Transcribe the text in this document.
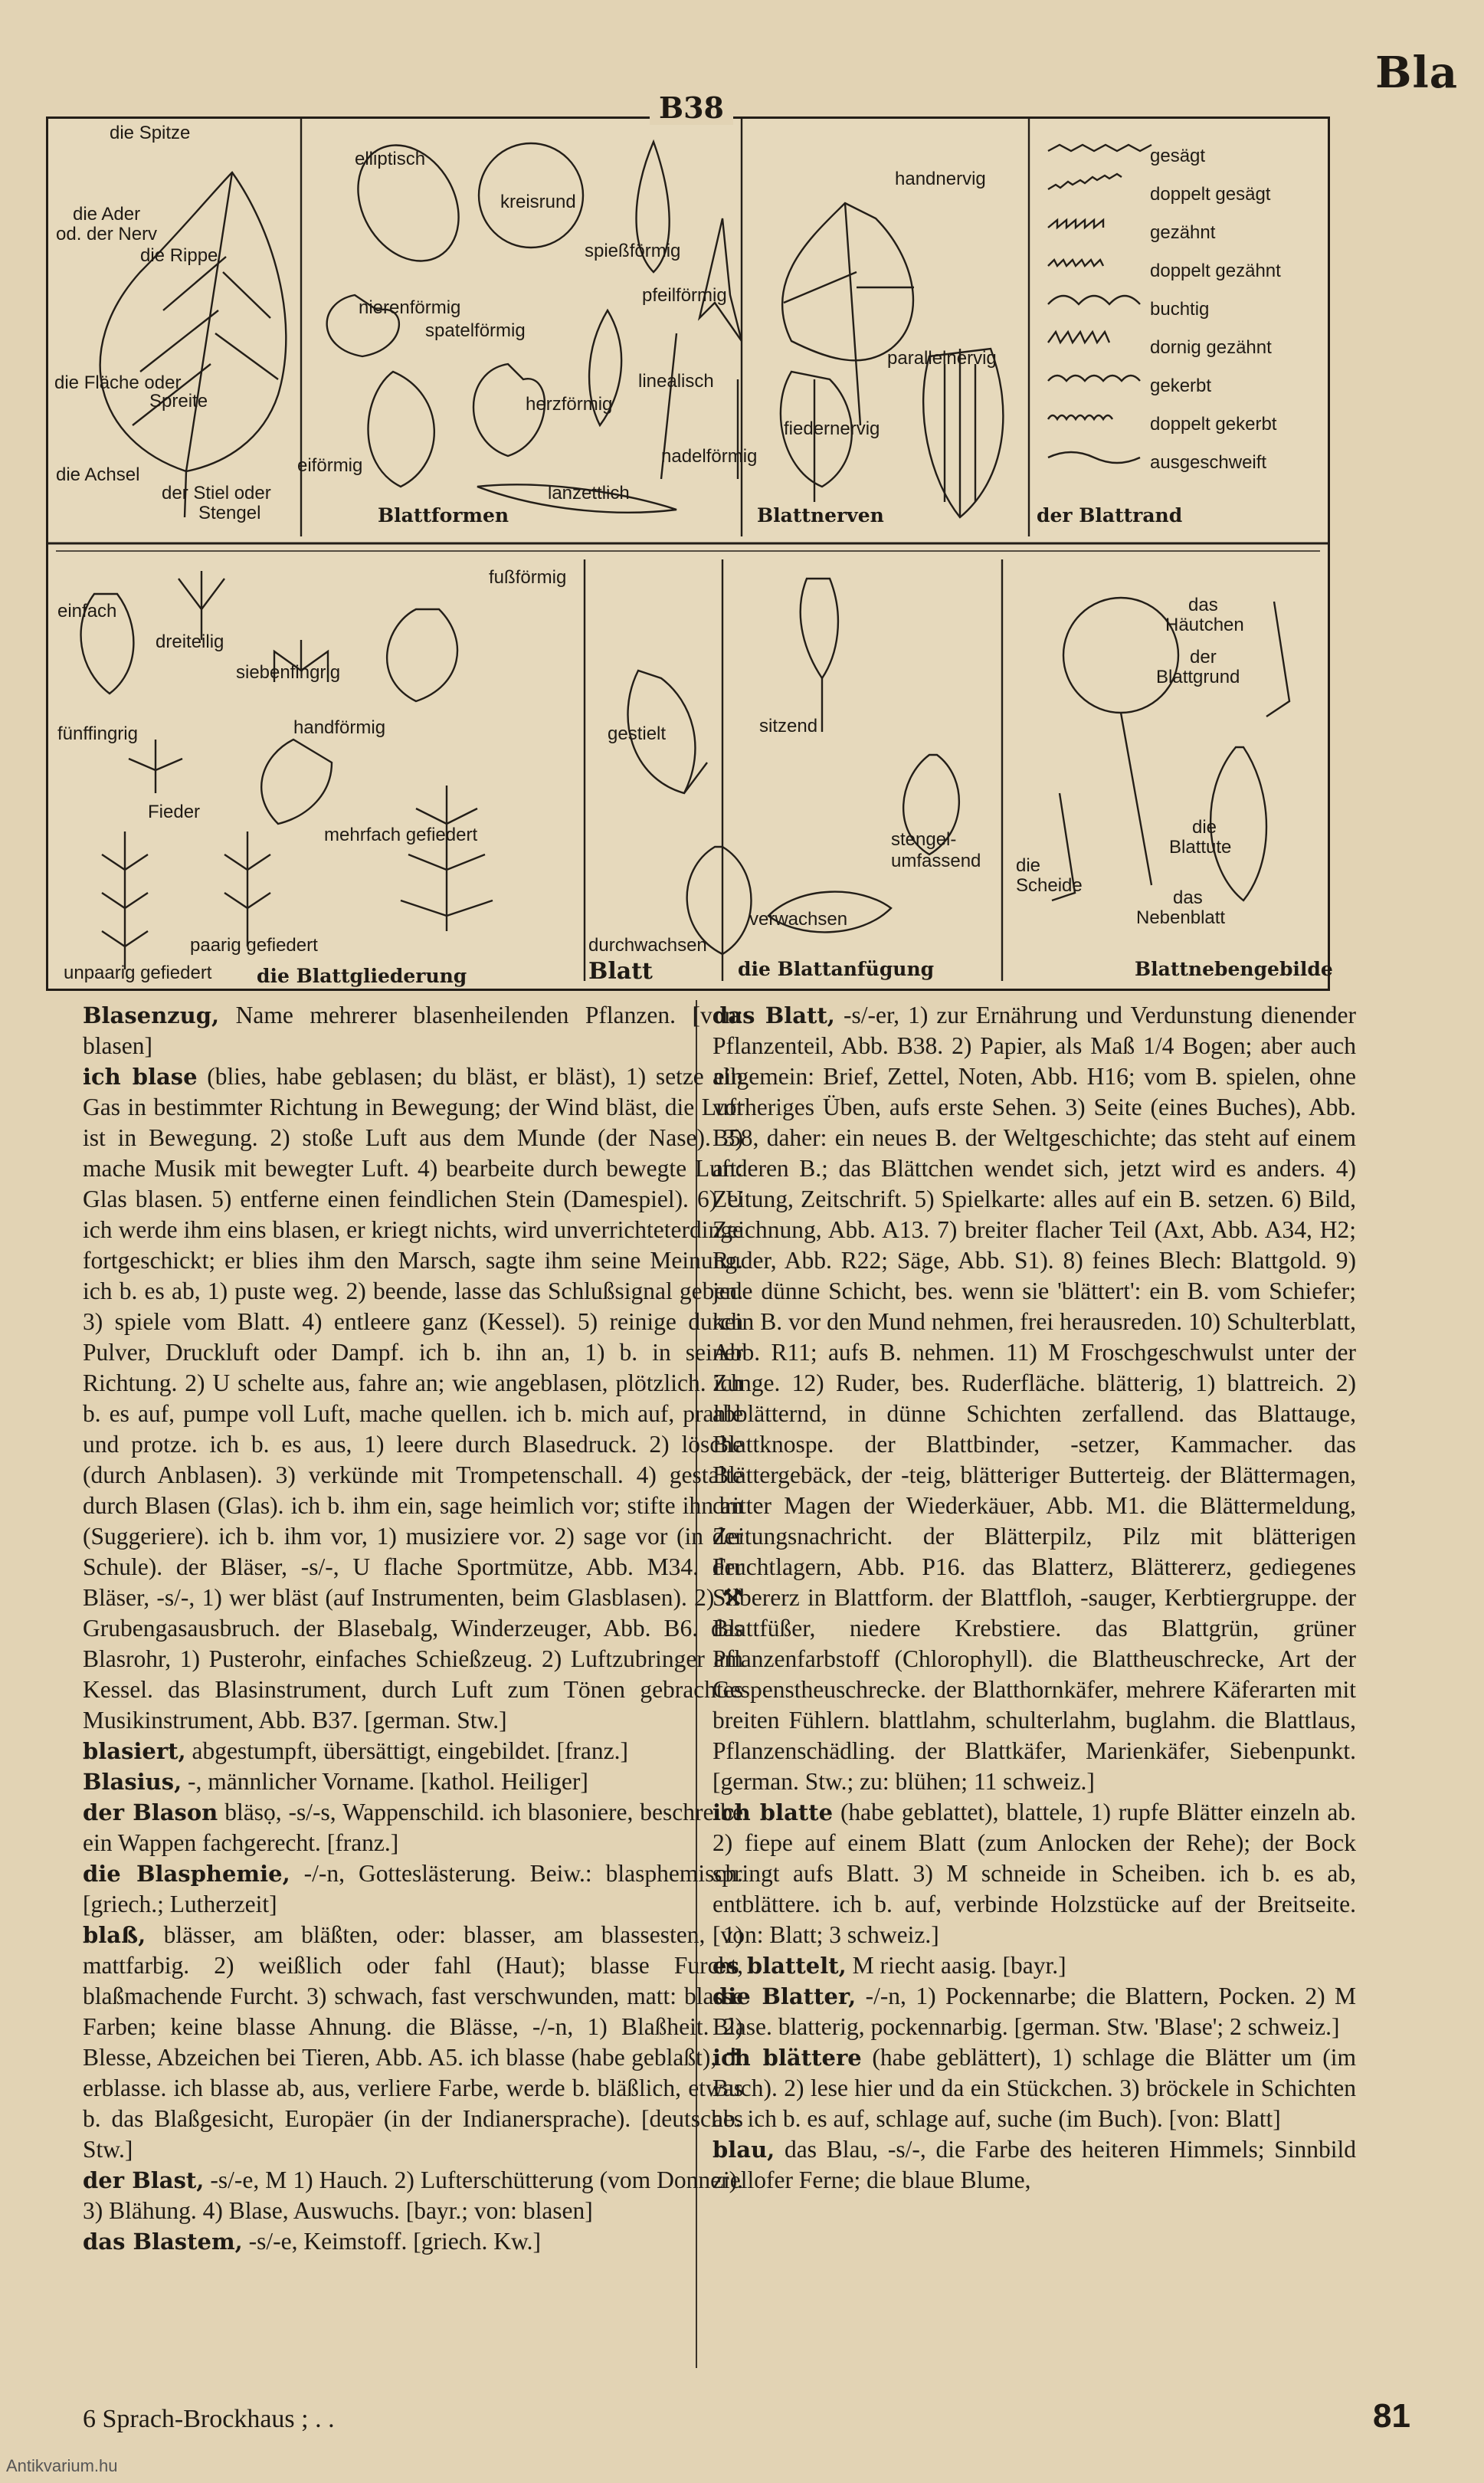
Bla
B38
die Spitze
die Ader
od. der Nerv
die Rippe
die Fläche oder
Spreite
die Achsel
der Stiel oder
Stengel
elliptisch
kreisrund
spießförmig
pfeilförmig
nierenförmig
spatelförmig
linealisch
herzförmig
nadelförmig
eiförmig
lanzettlich
Blattformen
handnervig
parallelnervig
fiedernervig
Blattnerven
gesägt
doppelt gesägt
gezähnt
doppelt gezähnt
buchtig
dornig gezähnt
gekerbt
doppelt gekerbt
ausgeschweift
der Blattrand
einfach
dreiteilig
siebenfingrig
fünffingrig	handförmig
fußförmig
Fieder
mehrfach gefiedert
paarig gefiedert
unpaarig gefiedert die Blattgliederung	Blatt
gestielt	sitzend
stengel-
umfassend
durchwachsen
verwachsen
die Blattanfügung
das
Häutchen
der
Blattgrund
die
Blattute
die
Scheide
das
Nebenblatt
Blattnebengebilde

Blasenzug, Name mehrerer blasenheilenden Pflanzen. [von: blasen]

ich blase (blies, habe geblasen; du bläst, er bläst), 1) setze ein Gas in bestimmter Richtung in Bewegung; der Wind bläst, die Luft ist in Bewegung. 2) stoße Luft aus dem Munde (der Nase). 3) mache Musik mit bewegter Luft. 4) bearbeite durch bewegte Luft: Glas blasen. 5) entferne einen feindlichen Stein (Damespiel). 6) U ich werde ihm eins blasen, er kriegt nichts, wird unverrichteterdinge fortgeschickt; er blies ihm den Marsch, sagte ihm seine Meinung. ich b. es ab, 1) puste weg. 2) beende, lasse das Schlußsignal geben. 3) spiele vom Blatt. 4) entleere ganz (Kessel). 5) reinige durch Pulver, Druckluft oder Dampf. ich b. ihn an, 1) b. in seiner Richtung. 2) U schelte aus, fahre an; wie angeblasen, plötzlich. ich b. es auf, pumpe voll Luft, mache quellen. ich b. mich auf, prahle und protze. ich b. es aus, 1) leere durch Blasedruck. 2) lösche (durch Anblasen). 3) verkünde mit Trompetenschall. 4) gestalte durch Blasen (Glas). ich b. ihm ein, sage heimlich vor; stifte ihn an (Suggeriere). ich b. ihm vor, 1) musiziere vor. 2) sage vor (in der Schule). der Bläser, -s/-, U flache Sportmütze, Abb. M34. der Bläser, -s/-, 1) wer bläst (auf Instrumenten, beim Glasblasen). 2) ⚒ Grubengasausbruch. der Blasebalg, Winderzeuger, Abb. B6. das Blasrohr, 1) Pusterohr, einfaches Schießzeug. 2) Luftzubringer am Kessel. das Blasinstrument, durch Luft zum Tönen gebrachtes Musikinstrument, Abb. B37. [german. Stw.]

blasiert, abgestumpft, übersättigt, eingebildet. [franz.]

Blasius, -, männlicher Vorname. [kathol. Heiliger]

der Blason bläsọ, -s/-s, Wappenschild. ich blasoniere, beschreibe ein Wappen fachgerecht. [franz.]

die Blasphemie, -/-n, Gotteslästerung. Beiw.: blasphemisch. [griech.; Lutherzeit]

blaß, blässer, am bläßten, oder: blasser, am blassesten, 1) mattfarbig. 2) weißlich oder fahl (Haut); blasse Furcht, blaßmachende Furcht. 3) schwach, fast verschwunden, matt: blasse Farben; keine blasse Ahnung. die Blässe, -/-n, 1) Blaßheit. 2) Blesse, Abzeichen bei Tieren, Abb. A5. ich blasse (habe geblaßt), ✝ erblasse. ich blasse ab, aus, verliere Farbe, werde b. bläßlich, etwas b. das Blaßgesicht, Europäer (in der Indianersprache). [deutsches Stw.]

der Blast, -s/-e, M 1) Hauch. 2) Lufterschütterung (vom Donner). 3) Blähung. 4) Blase, Auswuchs. [bayr.; von: blasen]

das Blastem, -s/-e, Keimstoff. [griech. Kw.]

das Blatt, -s/-er, 1) zur Ernährung und Verdunstung dienender Pflanzenteil, Abb. B38. 2) Papier, als Maß 1/4 Bogen; aber auch allgemein: Brief, Zettel, Noten, Abb. H16; vom B. spielen, ohne vorheriges Üben, aufs erste Sehen. 3) Seite (eines Buches), Abb. B58, daher: ein neues B. der Weltgeschichte; das steht auf einem anderen B.; das Blättchen wendet sich, jetzt wird es anders. 4) Zeitung, Zeitschrift. 5) Spielkarte: alles auf ein B. setzen. 6) Bild, Zeichnung, Abb. A13. 7) breiter flacher Teil (Axt, Abb. A34, H2; Ruder, Abb. R22; Säge, Abb. S1). 8) feines Blech: Blattgold. 9) jede dünne Schicht, bes. wenn sie 'blättert': ein B. vom Schiefer; kein B. vor den Mund nehmen, frei herausreden. 10) Schulterblatt, Abb. R11; aufs B. nehmen. 11) M Froschgeschwulst unter der Zunge. 12) Ruder, bes. Ruderfläche. blätterig, 1) blattreich. 2) abblätternd, in dünne Schichten zerfallend. das Blattauge, Blattknospe. der Blattbinder, -setzer, Kammacher. das Blättergebäck, der -teig, blätteriger Butterteig. der Blättermagen, dritter Magen der Wiederkäuer, Abb. M1. die Blättermeldung, Zeitungsnachricht. der Blätterpilz, Pilz mit blätterigen Fruchtlagern, Abb. P16. das Blatterz, Blättererz, gediegenes Silbererz in Blattform. der Blattfloh, -sauger, Kerbtiergruppe. der Blattfüßer, niedere Krebstiere. das Blattgrün, grüner Pflanzenfarbstoff (Chlorophyll). die Blattheuschrecke, Art der Gespenstheuschrecke. der Blatthornkäfer, mehrere Käferarten mit breiten Fühlern. blattlahm, schulterlahm, buglahm. die Blattlaus, Pflanzenschädling. der Blattkäfer, Marienkäfer, Siebenpunkt. [german. Stw.; zu: blühen; 11 schweiz.]

ich blatte (habe geblattet), blattele, 1) rupfe Blätter einzeln ab. 2) fiepe auf einem Blatt (zum Anlocken der Rehe); der Bock springt aufs Blatt. 3) M schneide in Scheiben. ich b. es ab, entblättere. ich b. auf, verbinde Holzstücke auf der Breitseite. [von: Blatt; 3 schweiz.]

es blattelt, M riecht aasig. [bayr.]

die Blatter, -/-n, 1) Pockennarbe; die Blattern, Pocken. 2) M Blase. blatterig, pockennarbig. [german. Stw. 'Blase'; 2 schweiz.]

ich blättere (habe geblättert), 1) schlage die Blätter um (im Buch). 2) lese hier und da ein Stückchen. 3) bröckele in Schichten ab. ich b. es auf, schlage auf, suche (im Buch). [von: Blatt]

blau, das Blau, -s/-, die Farbe des heiteren Himmels; Sinnbild ziellofer Ferne; die blaue Blume,

6 Sprach-Brockhaus ; . .	81
Antikvarium.hu
